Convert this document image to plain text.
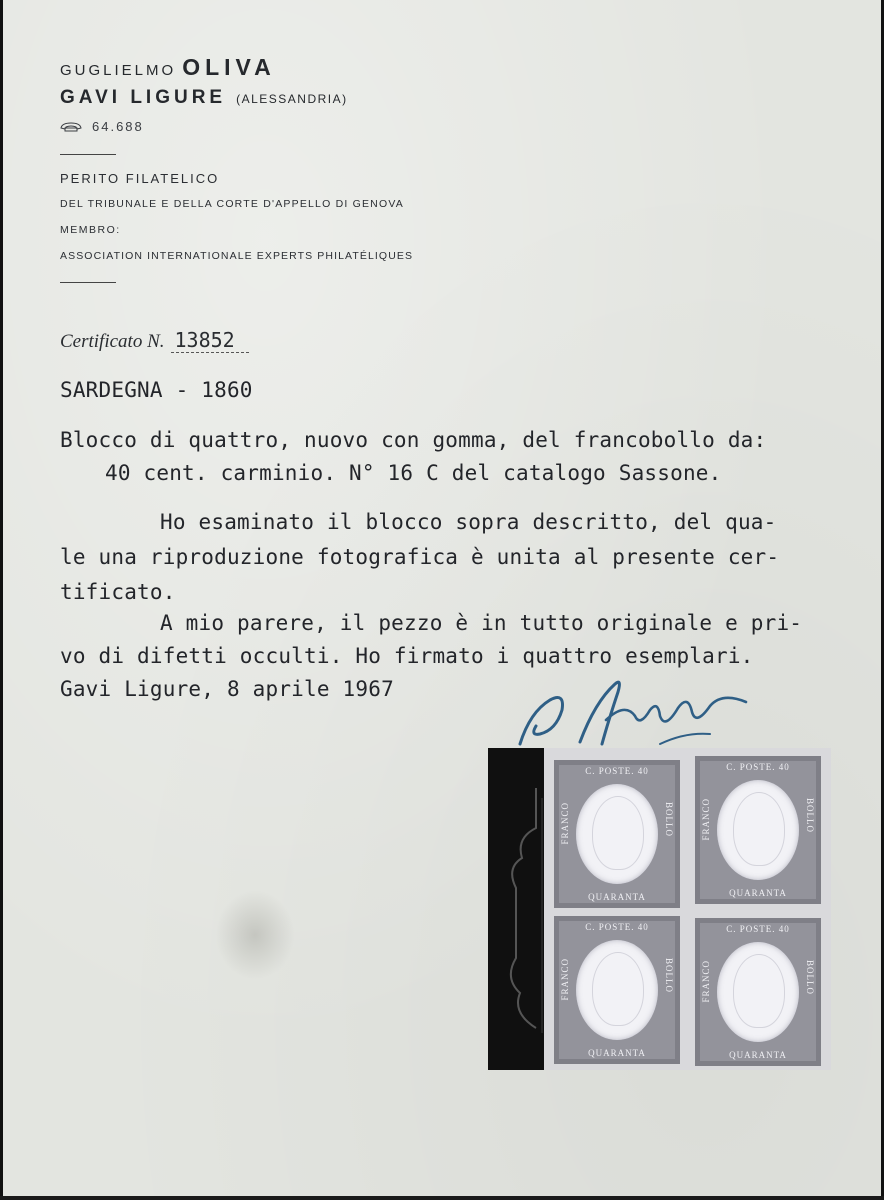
GUGLIELMO OLIVA
GAVI LIGURE (ALESSANDRIA)
64.688
PERITO FILATELICO
DEL TRIBUNALE E DELLA CORTE D'APPELLO DI GENOVA
MEMBRO:
ASSOCIATION INTERNATIONALE EXPERTS PHILATÉLIQUES
Certificato N. 13852
SARDEGNA - 1860
Blocco di quattro, nuovo con gomma, del francobollo da:
40 cent. carminio. N° 16 C del catalogo Sassone.
Ho esaminato il blocco sopra descritto, del qua-
le una riproduzione fotografica è unita al presente cer-
tificato.
A mio parere, il pezzo è in tutto originale e pri-
vo di difetti occulti. Ho firmato i quattro esemplari.
Gavi Ligure, 8 aprile 1967
C. POSTE. 40
QUARANTA
FRANCO	BOLLO
C. POSTE. 40
QUARANTA
FRANCO	BOLLO
C. POSTE. 40
QUARANTA
FRANCO	BOLLO
C. POSTE. 40
QUARANTA
FRANCO	BOLLO
